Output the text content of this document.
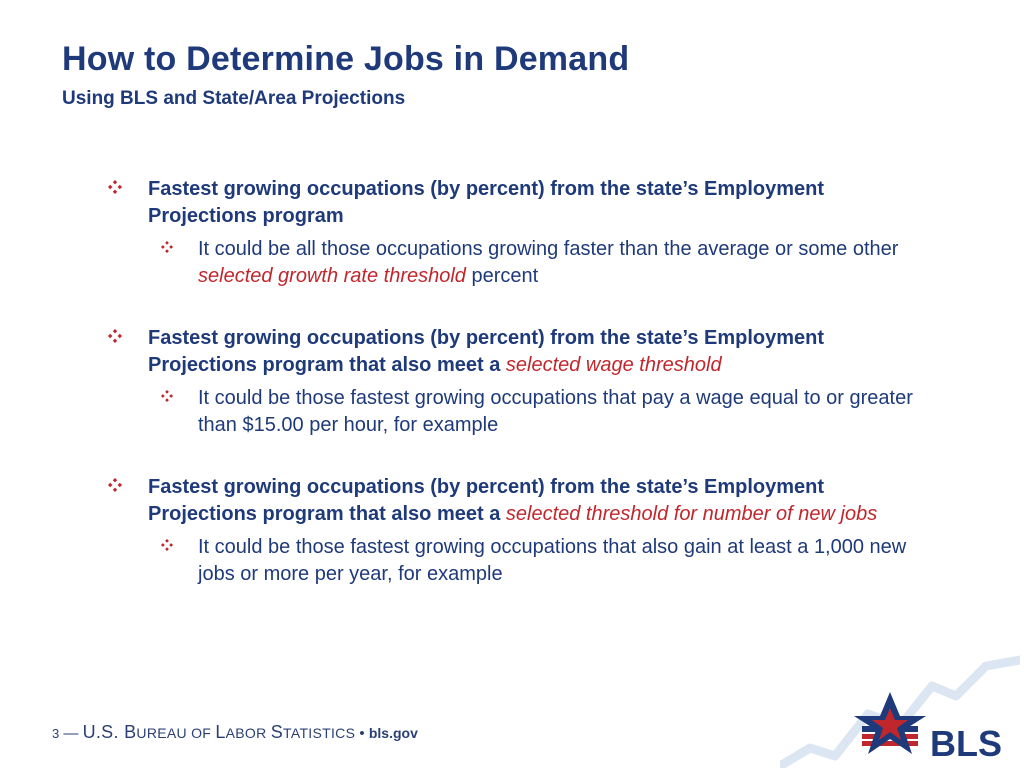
How to Determine Jobs in Demand
Using BLS and State/Area Projections
Fastest growing occupations (by percent) from the state’s Employment Projections program
It could be all those occupations growing faster than the average or some other selected growth rate threshold percent
Fastest growing occupations (by percent) from the state’s Employment Projections program that also meet a selected wage threshold
It could be those fastest growing occupations that pay a wage equal to or greater than $15.00 per hour, for example
Fastest growing occupations (by percent) from the state’s Employment Projections program that also meet a selected threshold for number of new jobs
It could be those fastest growing occupations that also gain at least a 1,000 new jobs or more per year, for example
3 — U.S. BUREAU OF LABOR STATISTICS • bls.gov	BLS
